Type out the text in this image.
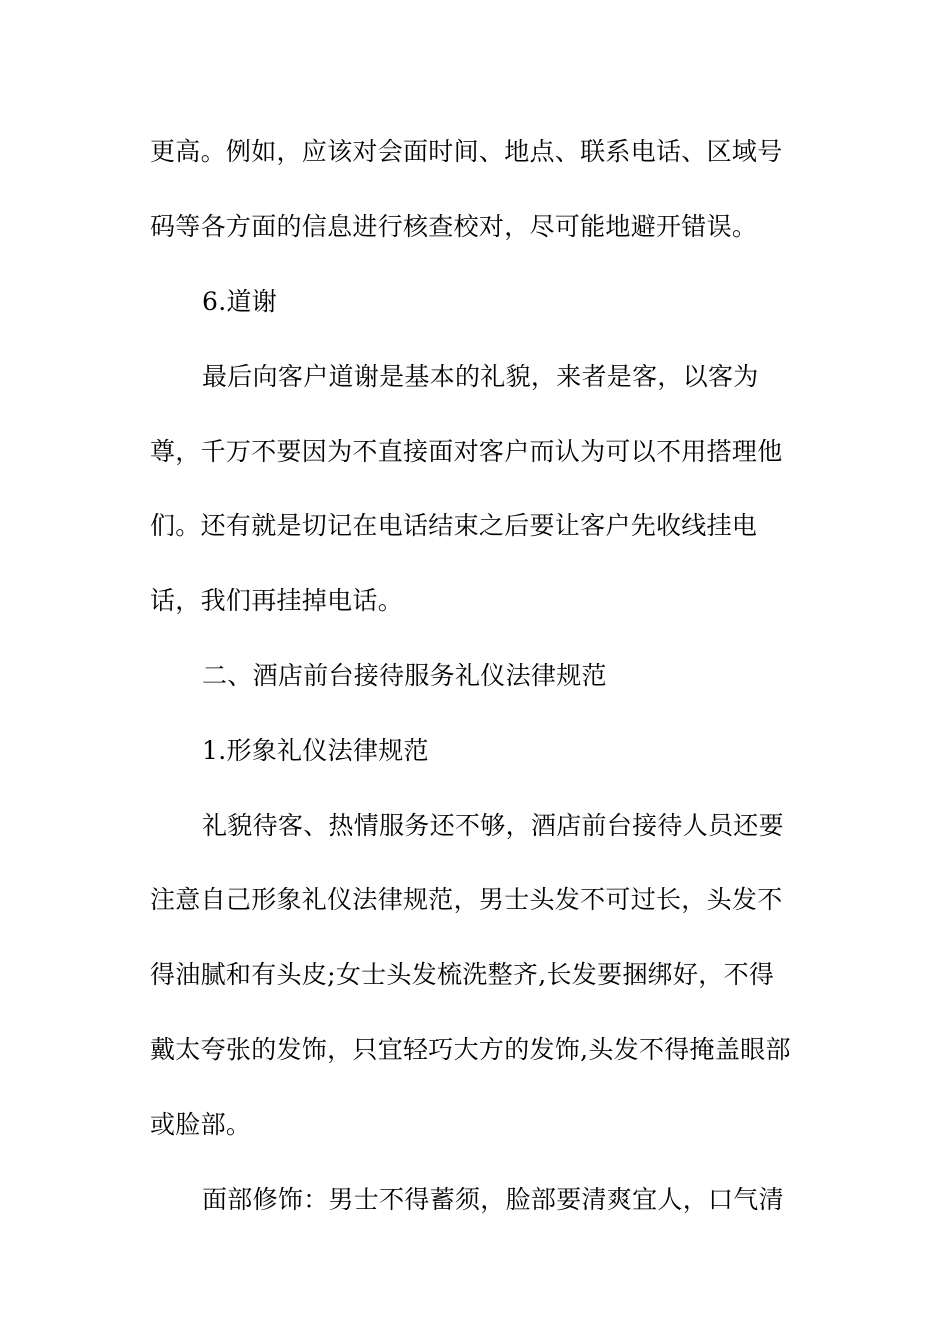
更高。例如，应该对会面时间、地点、联系电话、区域号
码等各方面的信息进行核查校对，尽可能地避开错误。
6.道谢
最后向客户道谢是基本的礼貌，来者是客，以客为
尊，千万不要因为不直接面对客户而认为可以不用搭理他
们。还有就是切记在电话结束之后要让客户先收线挂电
话，我们再挂掉电话。
二、酒店前台接待服务礼仪法律规范
1.形象礼仪法律规范
礼貌待客、热情服务还不够，酒店前台接待人员还要
注意自己形象礼仪法律规范，男士头发不可过长，头发不
得油腻和有头皮;女士头发梳洗整齐,长发要捆绑好，不得
戴太夸张的发饰，只宜轻巧大方的发饰,头发不得掩盖眼部
或脸部。
面部修饰：男士不得蓄须，脸部要清爽宜人，口气清
